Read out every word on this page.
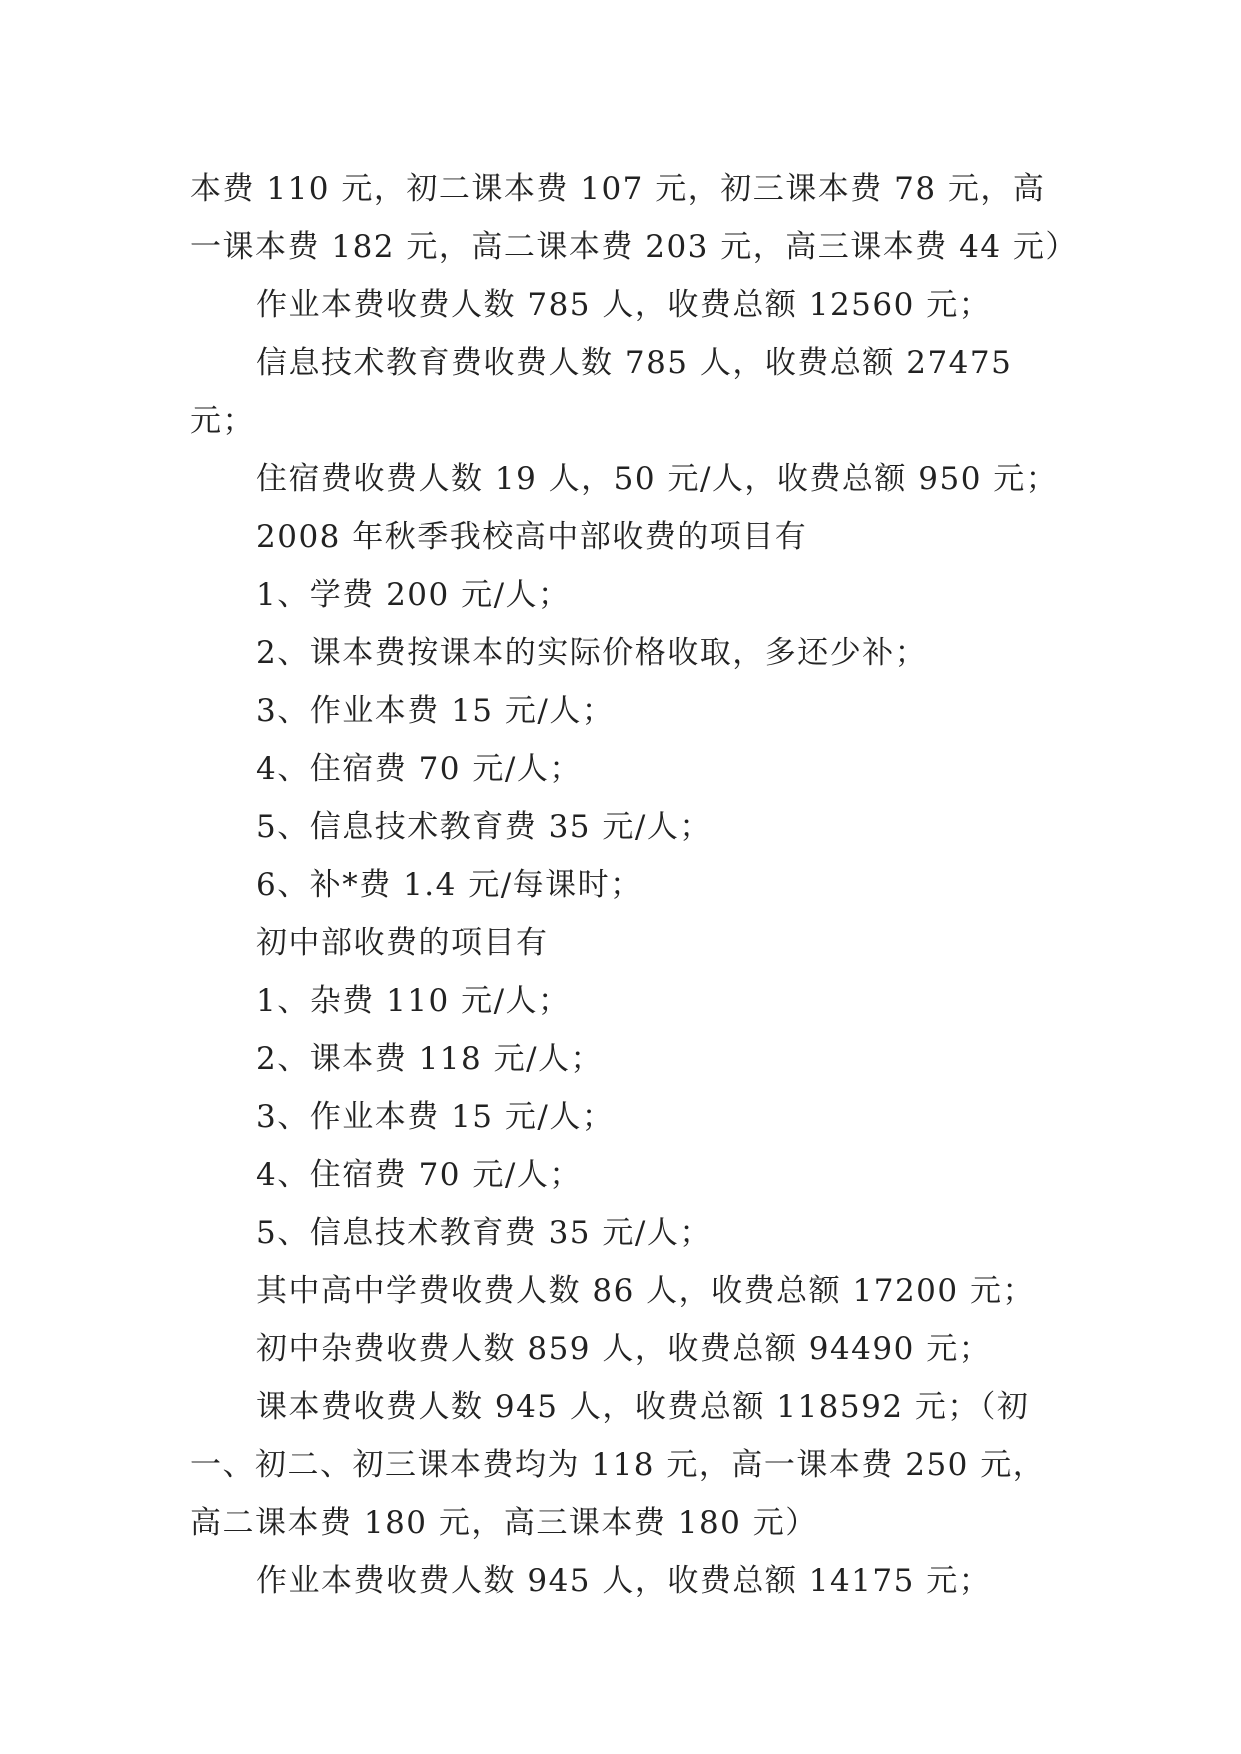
本费 110 元，初二课本费 107 元，初三课本费 78 元，高一课本费 182 元，高二课本费 203 元，高三课本费 44 元）

作业本费收费人数 785 人，收费总额 12560 元；

信息技术教育费收费人数 785 人，收费总额 27475 元；

住宿费收费人数 19 人，50 元/人，收费总额 950 元；

2008 年秋季我校高中部收费的项目有

1、学费 200 元/人；

2、课本费按课本的实际价格收取，多还少补；

3、作业本费 15 元/人；

4、住宿费 70 元/人；

5、信息技术教育费 35 元/人；

6、补*费 1.4 元/每课时；

初中部收费的项目有

1、杂费 110 元/人；

2、课本费 118 元/人；

3、作业本费 15 元/人；

4、住宿费 70 元/人；

5、信息技术教育费 35 元/人；

其中高中学费收费人数 86 人，收费总额 17200 元；

初中杂费收费人数 859 人，收费总额 94490 元；

课本费收费人数 945 人，收费总额 118592 元；（初一、初二、初三课本费均为 118 元，高一课本费 250 元，高二课本费 180 元，高三课本费 180 元）

作业本费收费人数 945 人，收费总额 14175 元；
